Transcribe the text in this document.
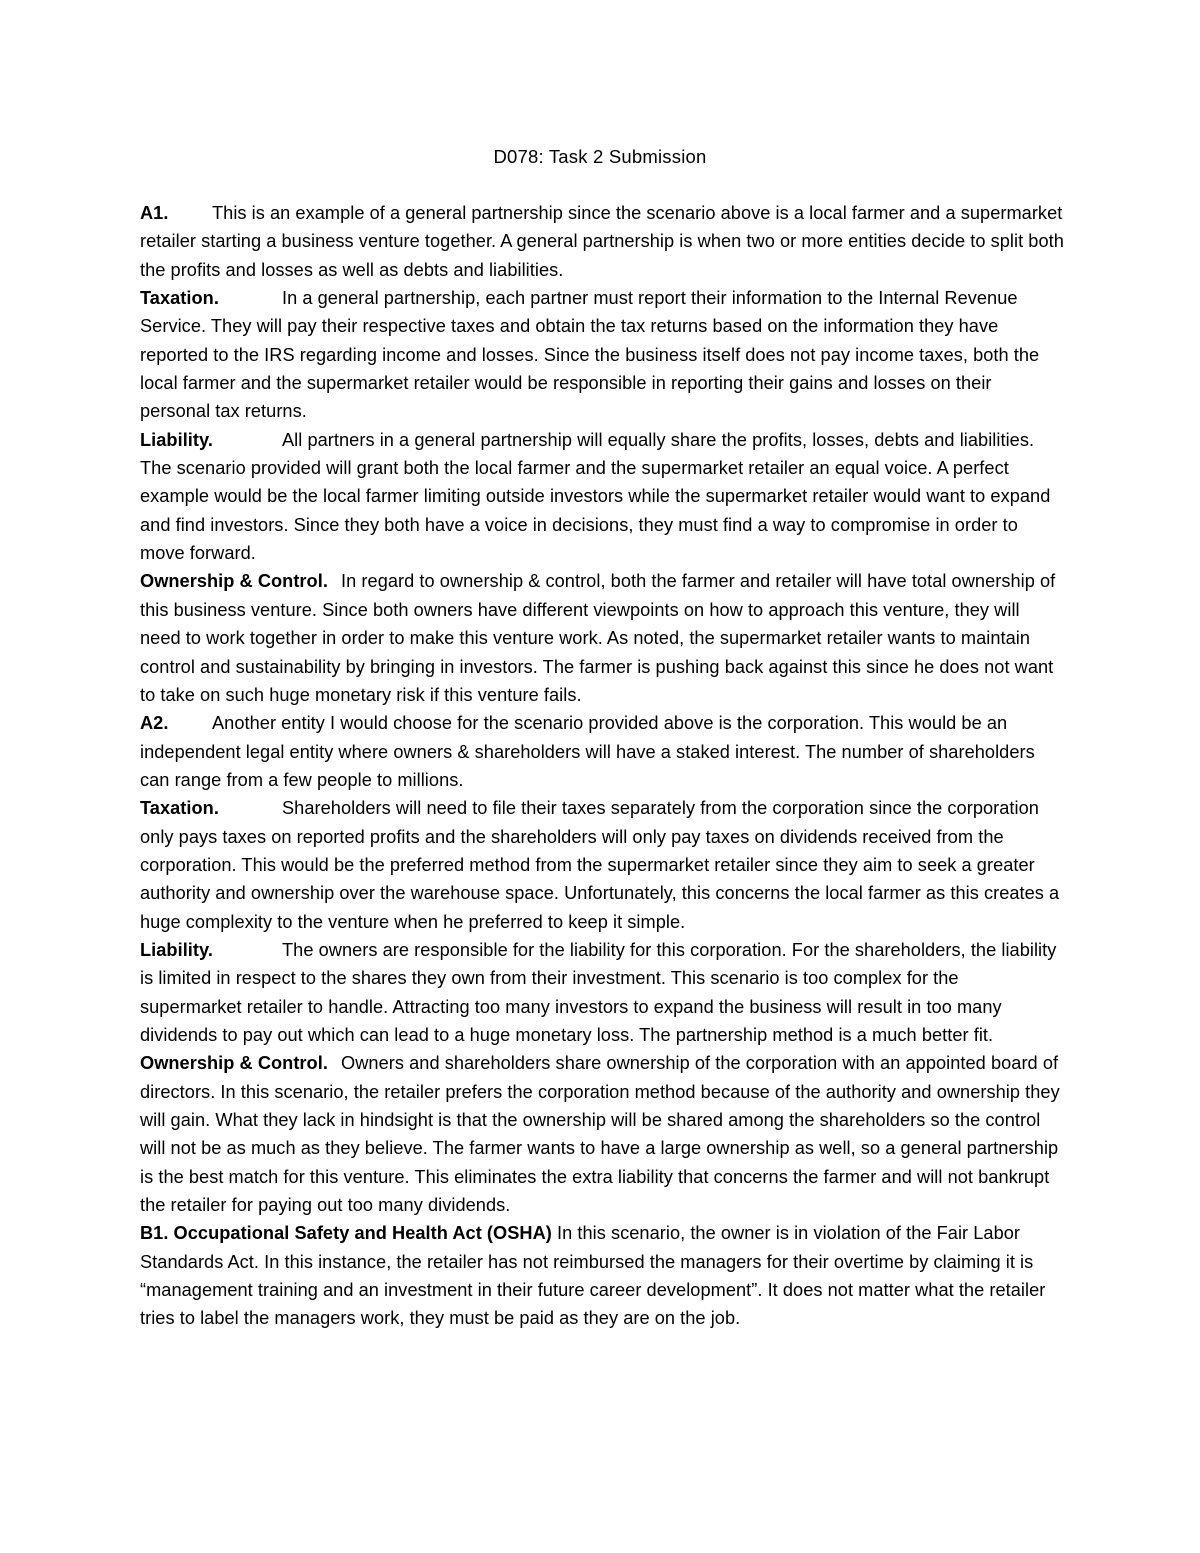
D078: Task 2 Submission

A1. This is an example of a general partnership since the scenario above is a local farmer and a supermarket retailer starting a business venture together. A general partnership is when two or more entities decide to split both the profits and losses as well as debts and liabilities.

Taxation.	In a general partnership, each partner must report their information to the Internal Revenue Service. They will pay their respective taxes and obtain the tax returns based on the information they have reported to the IRS regarding income and losses. Since the business itself does not pay income taxes, both the local farmer and the supermarket retailer would be responsible in reporting their gains and losses on their personal tax returns.

Liability.	All partners in a general partnership will equally share the profits, losses, debts and liabilities. The scenario provided will grant both the local farmer and the supermarket retailer an equal voice. A perfect example would be the local farmer limiting outside investors while the supermarket retailer would want to expand and find investors. Since they both have a voice in decisions, they must find a way to compromise in order to move forward.

Ownership & Control. In regard to ownership & control, both the farmer and retailer will have total ownership of this business venture. Since both owners have different viewpoints on how to approach this venture, they will need to work together in order to make this venture work. As noted, the supermarket retailer wants to maintain control and sustainability by bringing in investors. The farmer is pushing back against this since he does not want to take on such huge monetary risk if this venture fails.

A2. Another entity I would choose for the scenario provided above is the corporation. This would be an independent legal entity where owners & shareholders will have a staked interest. The number of shareholders can range from a few people to millions.

Taxation.	Shareholders will need to file their taxes separately from the corporation since the corporation only pays taxes on reported profits and the shareholders will only pay taxes on dividends received from the corporation. This would be the preferred method from the supermarket retailer since they aim to seek a greater authority and ownership over the warehouse space. Unfortunately, this concerns the local farmer as this creates a huge complexity to the venture when he preferred to keep it simple.

Liability.	The owners are responsible for the liability for this corporation. For the shareholders, the liability is limited in respect to the shares they own from their investment. This scenario is too complex for the supermarket retailer to handle. Attracting too many investors to expand the business will result in too many dividends to pay out which can lead to a huge monetary loss. The partnership method is a much better fit.

Ownership & Control. Owners and shareholders share ownership of the corporation with an appointed board of directors. In this scenario, the retailer prefers the corporation method because of the authority and ownership they will gain. What they lack in hindsight is that the ownership will be shared among the shareholders so the control will not be as much as they believe. The farmer wants to have a large ownership as well, so a general partnership is the best match for this venture. This eliminates the extra liability that concerns the farmer and will not bankrupt the retailer for paying out too many dividends.

B1. Occupational Safety and Health Act (OSHA) In this scenario, the owner is in violation of the Fair Labor Standards Act. In this instance, the retailer has not reimbursed the managers for their overtime by claiming it is “management training and an investment in their future career development”. It does not matter what the retailer tries to label the managers work, they must be paid as they are on the job.
